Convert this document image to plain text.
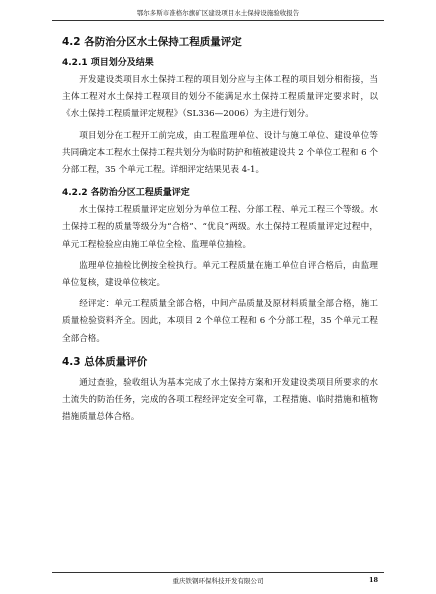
鄂尔多斯市准格尔旗矿区建设项目水土保持设施验收报告
4.2 各防治分区水土保持工程质量评定
4.2.1 项目划分及结果

开发建设类项目水土保持工程的项目划分应与主体工程的项目划分相衔接，当主体工程对水土保持工程项目的划分不能满足水土保持工程质量评定要求时，以《水土保持工程质量评定规程》（SL336—2006）为主进行划分。

项目划分在工程开工前完成，由工程监理单位、设计与施工单位、建设单位等共同确定本工程水土保持工程共划分为临时防护和植被建设共 2 个单位工程和 6 个分部工程，35 个单元工程。详细评定结果见表 4-1。

4.2.2 各防治分区工程质量评定

水土保持工程质量评定应划分为单位工程、分部工程、单元工程三个等级。水土保持工程的质量等级分为“合格”、“优良”两级。水土保持工程质量评定过程中，单元工程检验应由施工单位全检、监理单位抽检。

监理单位抽检比例按全检执行。单元工程质量在施工单位自评合格后，由监理单位复核，建设单位核定。

经评定：单元工程质量全部合格，中间产品质量及原材料质量全部合格，施工质量检验资料齐全。因此，本项目 2 个单位工程和 6 个分部工程，35 个单元工程全部合格。

4.3 总体质量评价

通过查验，验收组认为基本完成了水土保持方案和开发建设类项目所要求的水土流失的防治任务，完成的各项工程经评定安全可靠，工程措施、临时措施和植物措施质量总体合格。

重庆铁钢环保科技开发有限公司	18
